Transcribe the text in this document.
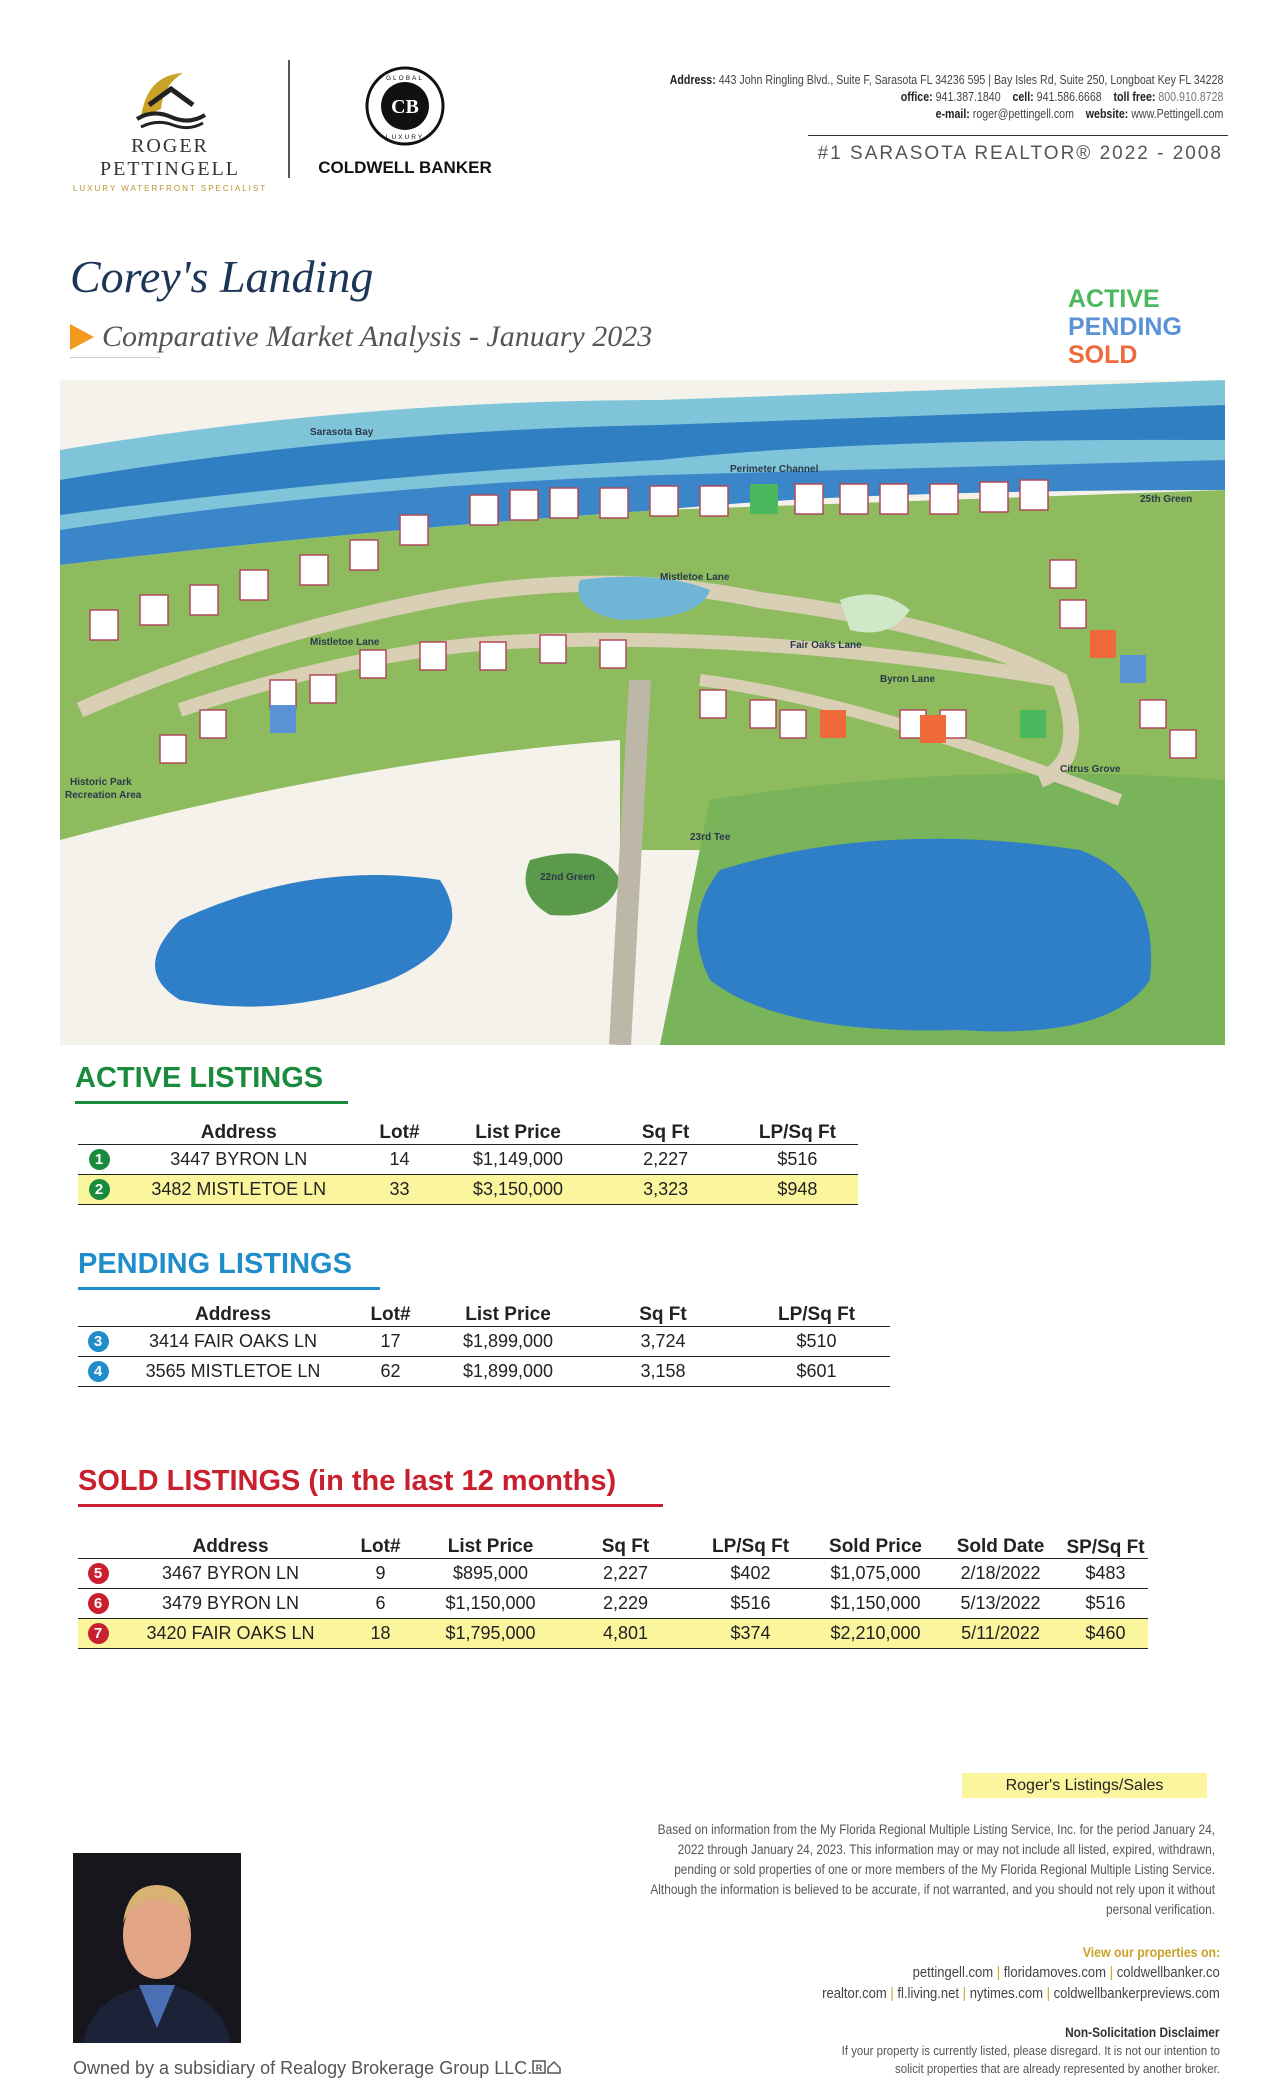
ROGER PETTINGELL
LUXURY WATERFRONT SPECIALIST
CB
GLOBAL
LUXURY
COLDWELL BANKER
Address: 443 John Ringling Blvd., Suite F, Sarasota FL 34236 595 | Bay Isles Rd, Suite 250, Longboat Key FL 34228
office: 941.387.1840 cell: 941.586.6668 toll free: 800.910.8728
e-mail: roger@pettingell.com website: www.Pettingell.com
#1 SARASOTA REALTOR® 2022 - 2008
Corey's Landing
Comparative Market Analysis - January 2023
ACTIVE
PENDING
SOLD
Sarasota Bay
Perimeter Channel
Mistletoe Lane
Mistletoe Lane	Fair Oaks Lane
Byron Lane
Historic Park
Recreation Area
25th Green
22nd Green
23rd Tee
Citrus Grove
ACTIVE LISTINGS
	Address	Lot#	List Price	Sq Ft	LP/Sq Ft
1	3447 BYRON LN	14	$1,149,000	2,227	$516
2	3482 MISTLETOE LN	33	$3,150,000	3,323	$948
PENDING LISTINGS
	Address	Lot#	List Price	Sq Ft	LP/Sq Ft
3	3414 FAIR OAKS LN	17	$1,899,000	3,724	$510
4	3565 MISTLETOE LN	62	$1,899,000	3,158	$601
SOLD LISTINGS (in the last 12 months)
	Address	Lot#	List Price	Sq Ft	LP/Sq Ft	Sold Price	Sold Date	SP/Sq Ft
5	3467 BYRON LN	9	$895,000	2,227	$402	$1,075,000	2/18/2022	$483
6	3479 BYRON LN	6	$1,150,000	2,229	$516	$1,150,000	5/13/2022	$516
7	3420 FAIR OAKS LN	18	$1,795,000	4,801	$374	$2,210,000	5/11/2022	$460
Roger's Listings/Sales
Based on information from the My Florida Regional Multiple Listing Service, Inc. for the period January 24, 2022 through January 24, 2023. This information may or may not include all listed, expired, withdrawn, pending or sold properties of one or more members of the My Florida Regional Multiple Listing Service. Although the information is believed to be accurate, if not warranted, and you should not rely upon it without personal verification.
View our properties on:
pettingell.com | floridamoves.com | coldwellbanker.co
realtor.com | fl.living.net | nytimes.com | coldwellbankerpreviews.com
Non-Solicitation Disclaimer
If your property is currently listed, please disregard. It is not our intention to solicit properties that are already represented by another broker.
Owned by a subsidiary of Realogy Brokerage Group LLC. R
